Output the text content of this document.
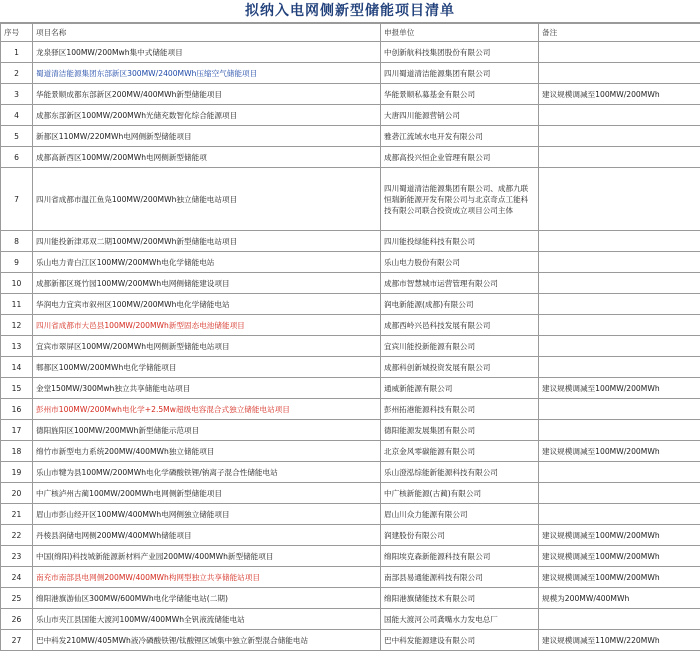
拟纳入电网侧新型储能项目清单
序号	项目名称	申报单位	备注
1	龙泉驿区100MW/200Mwh集中式储能项目	中创新航科技集团股份有限公司	
2	蜀道清洁能源集团东部新区300MW/2400MWh压缩空气储能项目	四川蜀道清洁能源集团有限公司	
3	华能景顺成都东部新区200MW/400MWh新型储能项目	华能景顺私募基金有限公司	建议规模调减至100MW/200MWh
4	成都东部新区100MW/200MWh光储充数智化综合能源项目	大唐四川能源营销公司	
5	新都区110MW/220MWh电网侧新型储能项目	雅砻江流域水电开发有限公司	
6	成都高新西区100MW/200MWh电网侧新型储能项	成都高投兴恒企业管理有限公司	
7	四川省成都市温江鱼凫100MW/200MWh独立储能电站项目	四川蜀道清洁能源集团有限公司、成都九联恒瑞新能源开发有限公司与北京奇点工能科技有限公司联合投资成立项目公司主体	
8	四川能投新津邓双二期100MW/200MWh新型储能电站项目	四川能投绿能科技有限公司	
9	乐山电力青白江区100MW/200MWh电化学储能电站	乐山电力股份有限公司	
10	成都新都区斑竹园100MW/200MWh电网侧储能建设项目	成都市智慧城市运营管理有限公司	
11	华润电力宜宾市叙州区100MW/200MWh电化学储能电站	润电新能源(成都)有限公司	
12	四川省成都市大邑县100MW/200MWh新型固态电池储能项目	成都西岭兴邑科技发展有限公司	
13	宜宾市翠屏区100MW/200MWh电网侧新型储能电站项目	宜宾川能投新能源有限公司	
14	郫都区100MW/200MWh电化学储能项目	成都科创新城投资发展有限公司	
15	金堂150MW/300Mwh独立共享储能电站项目	通威新能源有限公司	建议规模调减至100MW/200MWh
16	彭州市100MW/200Mwh电化学+2.5Mw超级电容混合式独立储能电站项目	彭州拓港能源科技有限公司	
17	德阳旌阳区100MW/200MWh新型储能示范项目	德阳能源发展集团有限公司	
18	绵竹市新型电力系统200MW/400MWh独立储能项目	北京金风零碳能源有限公司	建议规模调减至100MW/200MWh
19	乐山市犍为县100MW/200MWh电化学磷酸铁锂/钠离子混合性储能电站	乐山澄泓综能新能源科技有限公司	
20	中广核泸州古蔺100MW/200MWh电网侧新型储能项目	中广核新能源(古蔺)有限公司	
21	眉山市彭山经开区100MW/400MWh电网侧独立储能项目	眉山川众力能源有限公司	
22	丹棱县润储电网侧200MW/400MWh储能项目	润建股份有限公司	建议规模调减至100MW/200MWh
23	中国(绵阳)科技城新能源新材料产业园200MW/400MWh新型储能项目	绵阳埃克森新能源科技有限公司	建议规模调减至100MW/200MWh
24	南充市南部县电网侧200MW/400MWh构网型独立共享储能站项目	南部县易通能源科技有限公司	建议规模调减至100MW/200MWh
25	绵阳港旗游仙区300MW/600MWh电化学储能电站(二期)	绵阳港旗储能技术有限公司	规模为200MW/400MWh
26	乐山市夹江县国能大渡河100MW/400MWh全钒液流储能电站	国能大渡河公司龚嘴水力发电总厂	
27	巴中科发210MW/405MWh液冷磷酸铁锂/钛酸锂区域集中独立新型混合储能电站	巴中科发能源建设有限公司	建议规模调减至110MW/220MWh
